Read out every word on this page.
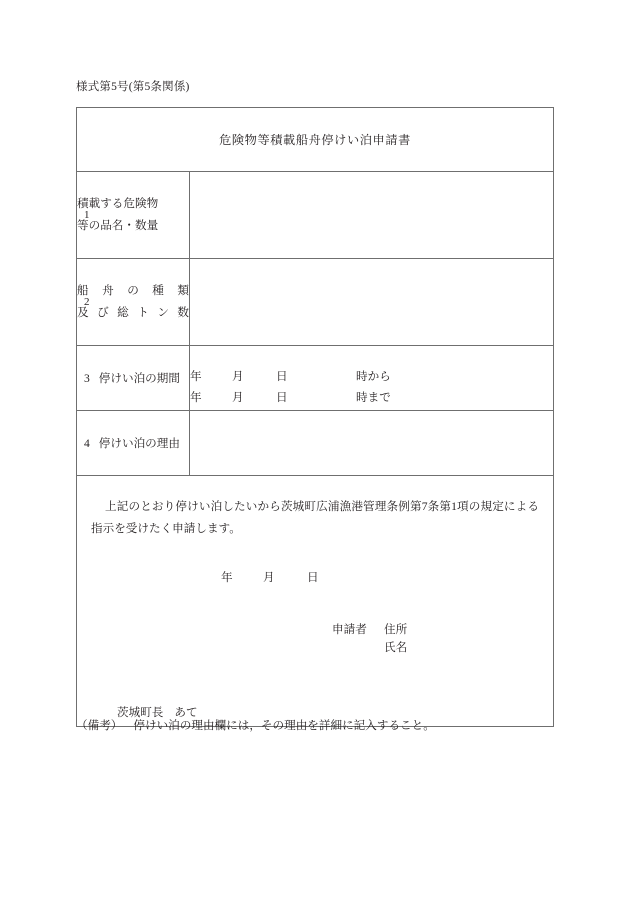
様式第5号(第5条関係)
危険物等積載船舟停けい泊申請書	

1
積載する危険物
等の品名・数量	

2
船舟の種類
及び総トン数	

3 停けい泊の期間	年 月 日 時から
年 月 日 時まで

4 停けい泊の理由	

上記のとおり停けい泊したいから茨城町広浦漁港管理条例第7条第1項の規定による指示を受けたく申請します。
年 月 日
申請者 住所
氏名
茨城町長 あて	
（備考） 停けい泊の理由欄には，その理由を詳細に記入すること。
